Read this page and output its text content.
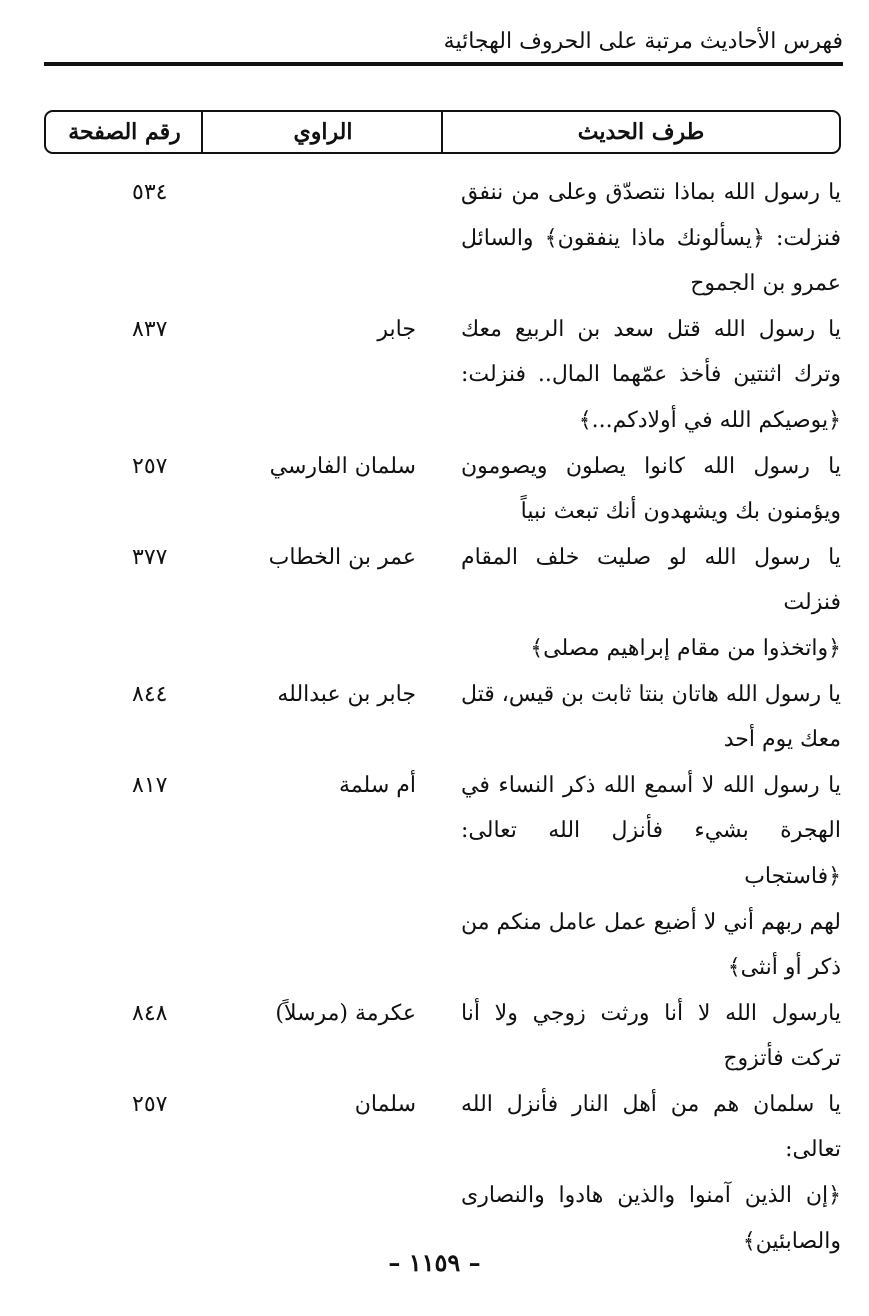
فهرس الأحاديث مرتبة على الحروف الهجائية
طرف الحديث
الراوي
رقم الصفحة
يا رسول الله بماذا نتصدّق وعلى من ننفق
فنزلت: ﴿يسألونك ماذا ينفقون﴾ والسائل
عمرو بن الجموح
٥٣٤
يا رسول الله قتل سعد بن الربيع معك
وترك اثنتين فأخذ عمّهما المال.. فنزلت:
﴿يوصيكم الله في أولادكم...﴾
جابر
٨٣٧
يا رسول الله كانوا يصلون ويصومون
ويؤمنون بك ويشهدون أنك تبعث نبياً
سلمان الفارسي
٢٥٧
يا رسول الله لو صليت خلف المقام فنزلت
﴿واتخذوا من مقام إبراهيم مصلى﴾
عمر بن الخطاب
٣٧٧
يا رسول الله هاتان بنتا ثابت بن قيس، قتل
معك يوم أحد
جابر بن عبدالله
٨٤٤
يا رسول الله لا أسمع الله ذكر النساء في
الهجرة بشيء فأنزل الله تعالى: ﴿فاستجاب
لهم ربهم أني لا أضيع عمل عامل منكم من
ذكر أو أنثى﴾
أم سلمة
٨١٧
يارسول الله لا أنا ورثت زوجي ولا أنا
تركت فأتزوج
عكرمة (مرسلاً)
٨٤٨
يا سلمان هم من أهل النار فأنزل الله تعالى:
﴿إن الذين آمنوا والذين هادوا والنصارى
والصابئين﴾
سلمان
٢٥٧
– ١١٥٩ –
